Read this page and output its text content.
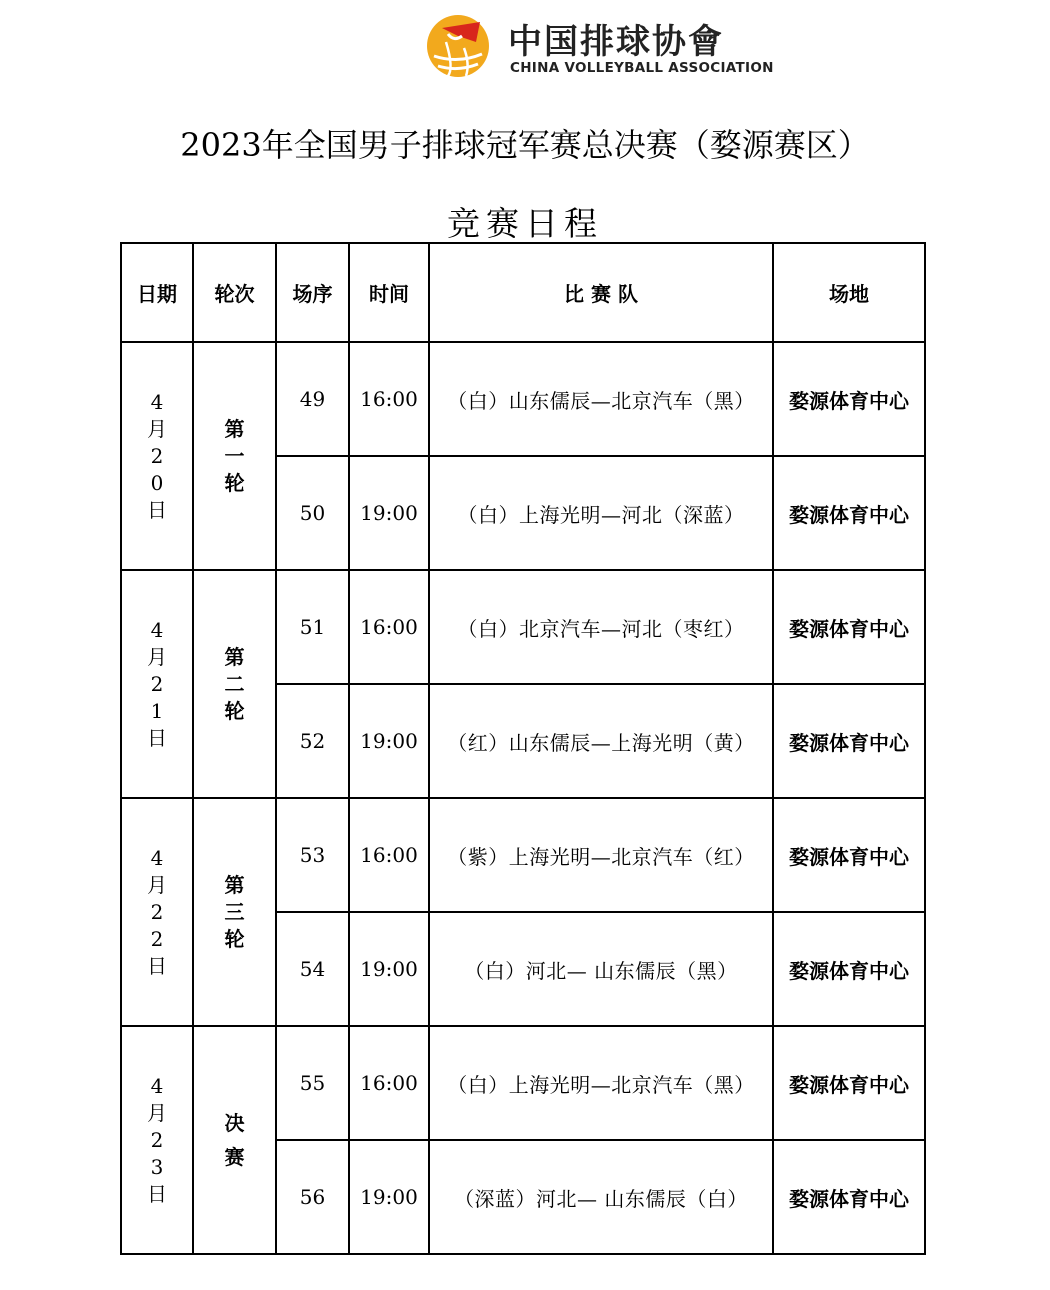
中国排球协會
CHINA VOLLEYBALL ASSOCIATION
2023年全国男子排球冠军赛总决赛（婺源赛区）
竞赛日程
日期	轮次	场序	时间	比 赛 队	场地
4月20日	第一轮	49	16:00	（白）山东儒辰—北京汽车（黑）	婺源体育中心
		50	19:00	（白）上海光明—河北（深蓝）	婺源体育中心
4月21日	第二轮	51	16:00	（白）北京汽车—河北（枣红）	婺源体育中心
		52	19:00	（红）山东儒辰—上海光明（黄）	婺源体育中心
4月22日	第三轮	53	16:00	（紫）上海光明—北京汽车（红）	婺源体育中心
		54	19:00	（白）河北— 山东儒辰（黑）	婺源体育中心
4月23日	决赛	55	16:00	（白）上海光明—北京汽车（黑）	婺源体育中心
		56	19:00	（深蓝）河北— 山东儒辰（白）	婺源体育中心
